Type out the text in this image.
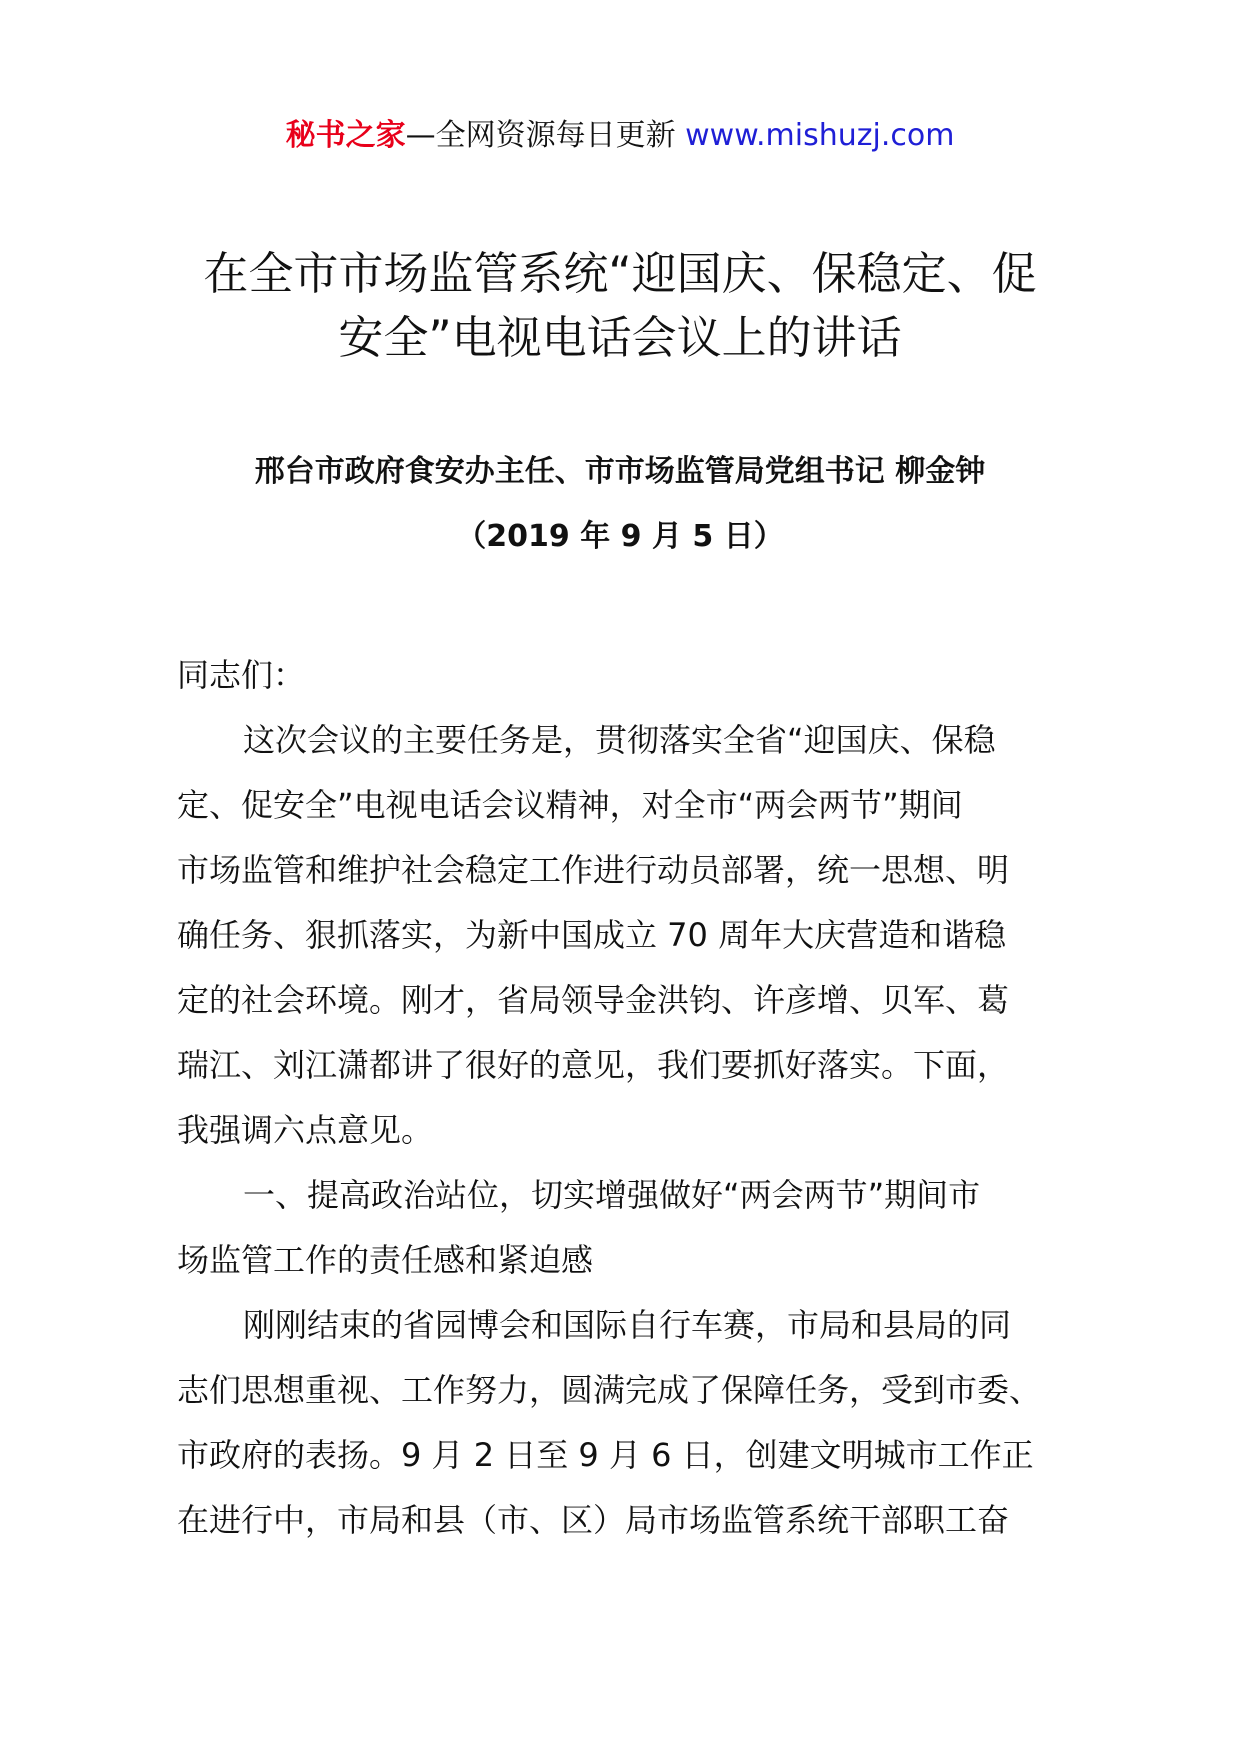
秘书之家—全网资源每日更新 www.mishuzj.com
在全市市场监管系统“迎国庆、保稳定、促
安全”电视电话会议上的讲话
邢台市政府食安办主任、市市场监管局党组书记 柳金钟
（2019 年 9 月 5 日）
同志们：
这次会议的主要任务是，贯彻落实全省“迎国庆、保稳
定、促安全”电视电话会议精神，对全市“两会两节”期间
市场监管和维护社会稳定工作进行动员部署，统一思想、明
确任务、狠抓落实，为新中国成立 70 周年大庆营造和谐稳
定的社会环境。刚才，省局领导金洪钧、许彦增、贝军、葛
瑞江、刘江潇都讲了很好的意见，我们要抓好落实。下面，
我强调六点意见。
一、提高政治站位，切实增强做好“两会两节”期间市
场监管工作的责任感和紧迫感
刚刚结束的省园博会和国际自行车赛，市局和县局的同
志们思想重视、工作努力，圆满完成了保障任务，受到市委、
市政府的表扬。9 月 2 日至 9 月 6 日，创建文明城市工作正
在进行中，市局和县（市、区）局市场监管系统干部职工奋
